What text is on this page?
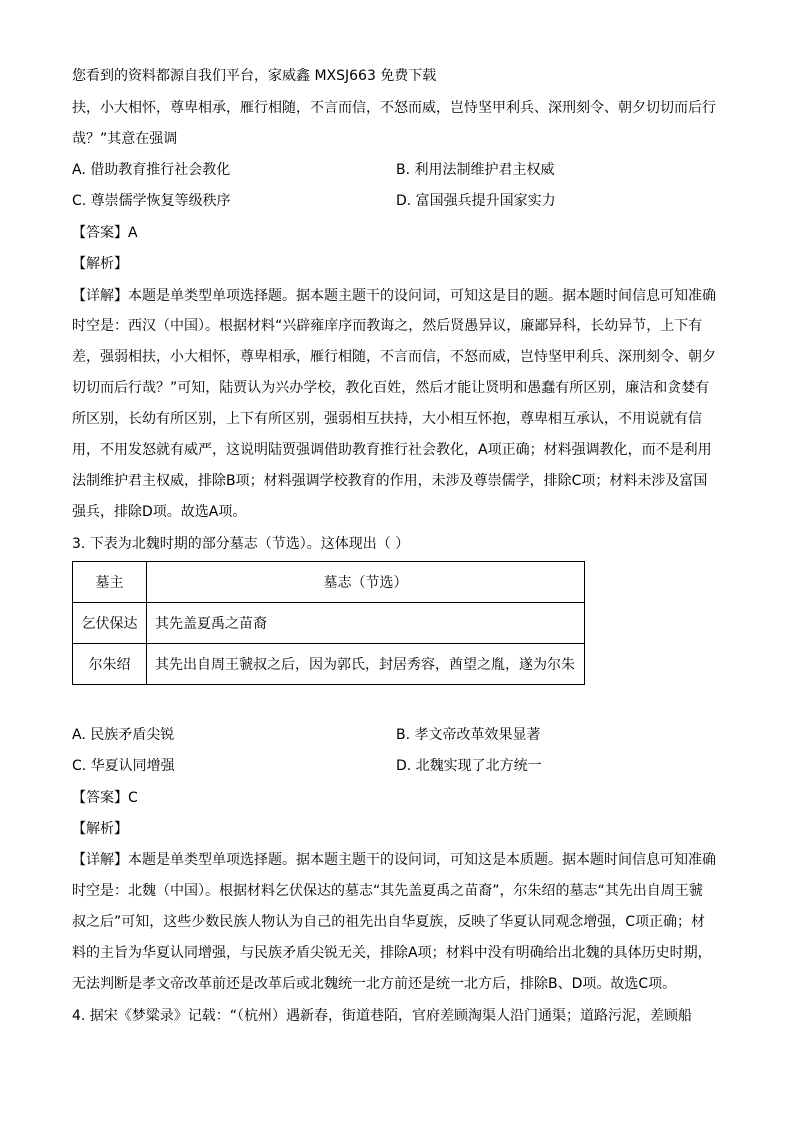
您看到的资料都源自我们平台，家威鑫 MXSJ663 免费下载
扶，小大相怀，尊卑相承，雁行相随，不言而信，不怒而威，岂恃坚甲利兵、深刑刻令、朝夕切切而后行
哉？”其意在强调
A. 借助教育推行社会教化	B. 利用法制维护君主权威
C. 尊崇儒学恢复等级秩序	D. 富国强兵提升国家实力
【答案】A
【解析】
【详解】本题是单类型单项选择题。据本题主题干的设问词，可知这是目的题。据本题时间信息可知准确
时空是：西汉（中国）。根据材料“兴辟雍庠序而教诲之，然后贤愚异议，廉鄙异科，长幼异节，上下有
差，强弱相扶，小大相怀，尊卑相承，雁行相随，不言而信，不怒而威，岂恃坚甲利兵、深刑刻令、朝夕
切切而后行哉？”可知，陆贾认为兴办学校，教化百姓，然后才能让贤明和愚蠢有所区别，廉洁和贪婪有
所区别，长幼有所区别，上下有所区别，强弱相互扶持，大小相互怀抱，尊卑相互承认，不用说就有信
用，不用发怒就有威严，这说明陆贾强调借助教育推行社会教化，A项正确；材料强调教化，而不是利用
法制维护君主权威，排除B项；材料强调学校教育的作用，未涉及尊崇儒学，排除C项；材料未涉及富国
强兵，排除D项。故选A项。
3. 下表为北魏时期的部分墓志（节选）。这体现出（ ）
墓主	墓志（节选）
乞伏保达	其先盖夏禹之苗裔
尔朱绍	其先出自周王虢叔之后，因为郭氏，封居秀容，酋望之胤，遂为尔朱
A. 民族矛盾尖锐	B. 孝文帝改革效果显著
C. 华夏认同增强	D. 北魏实现了北方统一
【答案】C
【解析】
【详解】本题是单类型单项选择题。据本题主题干的设问词，可知这是本质题。据本题时间信息可知准确
时空是：北魏（中国）。根据材料乞伏保达的墓志“其先盖夏禹之苗裔”，尔朱绍的墓志“其先出自周王虢
叔之后”可知，这些少数民族人物认为自己的祖先出自华夏族，反映了华夏认同观念增强，C项正确；材
料的主旨为华夏认同增强，与民族矛盾尖锐无关，排除A项；材料中没有明确给出北魏的具体历史时期，
无法判断是孝文帝改革前还是改革后或北魏统一北方前还是统一北方后，排除B、D项。故选C项。
4. 据宋《梦粱录》记载：“（杭州）遇新春，街道巷陌，官府差顾淘渠人沿门通渠；道路污泥，差顾船
